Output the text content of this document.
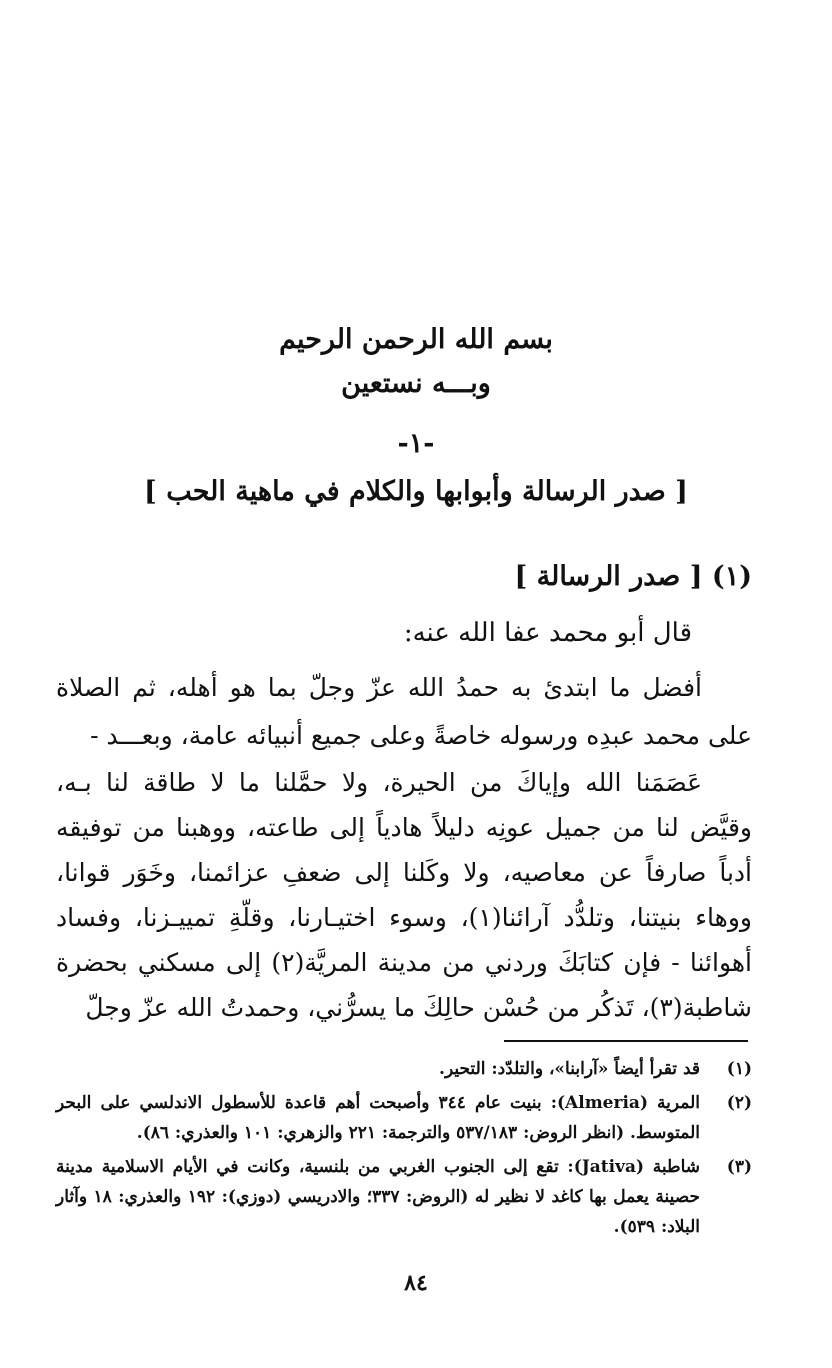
بسم الله الرحمن الرحيم
وبـــه نستعين
-١-
[ صدر الرسالة وأبوابها والكلام في ماهية الحب ]
(١) [ صدر الرسالة ]
قال أبو محمد عفا الله عنه:

أفضل ما ابتدئ به حمدُ الله عزّ وجلّ بما هو أهله، ثم الصلاة على محمد عبدِه ورسوله خاصةً وعلى جميع أنبيائه عامة، وبعـــد -

عَصَمَنا الله وإياكَ من الحيرة، ولا حمَّلنا ما لا طاقة لنا بـه، وقيَّض لنا من جميل عونِه دليلاً هادياً إلى طاعته، ووهبنا من توفيقه أدباً صارفاً عن معاصيه، ولا وكَلنا إلى ضعفِ عزائمنا، وخَوَر قوانا، ووهاء بنيتنا، وتلدُّد آرائنا(١)، وسوء اختيـارنا، وقلّةِ تمييـزنا، وفساد أهوائنا - فإن كتابَكَ وردني من مدينة المريَّة(٢) إلى مسكني بحضرة شاطبة(٣)، تَذكُر من حُسْن حالِكَ ما يسرُّني، وحمدتُ الله عزّ وجلّ

(١)
قد تقرأ أيضاً «آرابنا»، والتلدّد: التحير.
(٢)
المرية (Almeria): بنيت عام ٣٤٤ وأصبحت أهم قاعدة للأسطول الاندلسي على البحر المتوسط. (انظر الروض: ٥٣٧/١٨٣ والترجمة: ٢٢١ والزهري: ١٠١ والعذري: ٨٦).
(٣)
شاطبة (Jativa): تقع إلى الجنوب الغربي من بلنسية، وكانت في الأيام الاسلامية مدينة حصينة يعمل بها كاغد لا نظير له (الروض: ٣٣٧؛ والادريسي (دوزي): ١٩٢ والعذري: ١٨ وآثار البلاد: ٥٣٩).
٨٤
